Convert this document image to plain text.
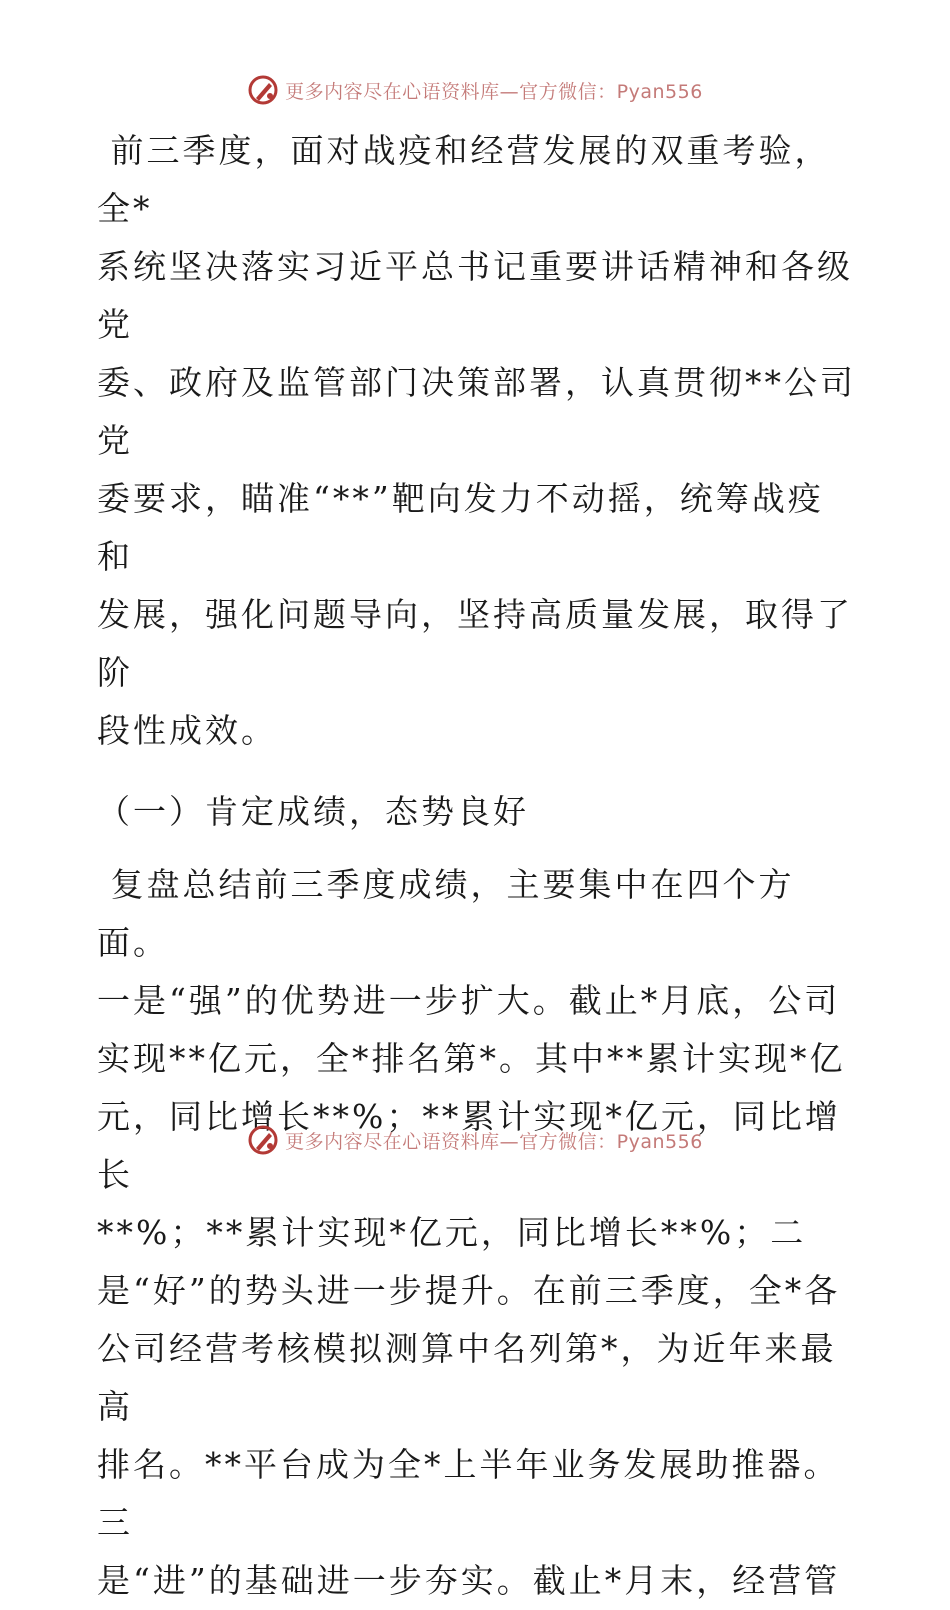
更多内容尽在心语资料库—官方微信：Pyan556

前三季度，面对战疫和经营发展的双重考验，全*
系统坚决落实习近平总书记重要讲话精神和各级党
委、政府及监管部门决策部署，认真贯彻**公司党
委要求，瞄准“**”靶向发力不动摇，统筹战疫和
发展，强化问题导向，坚持高质量发展，取得了阶
段性成效。

（一）肯定成绩，态势良好

复盘总结前三季度成绩，主要集中在四个方面。
一是“强”的优势进一步扩大。截止*月底，公司
实现**亿元，全*排名第*。其中**累计实现*亿
元，同比增长**%；**累计实现*亿元，同比增长
**%；**累计实现*亿元，同比增长**%；二
是“好”的势头进一步提升。在前三季度，全*各
公司经营考核模拟测算中名列第*，为近年来最高
排名。**平台成为全*上半年业务发展助推器。三
是“进”的基础进一步夯实。截止*月末，经营管

更多内容尽在心语资料库—官方微信：Pyan556
